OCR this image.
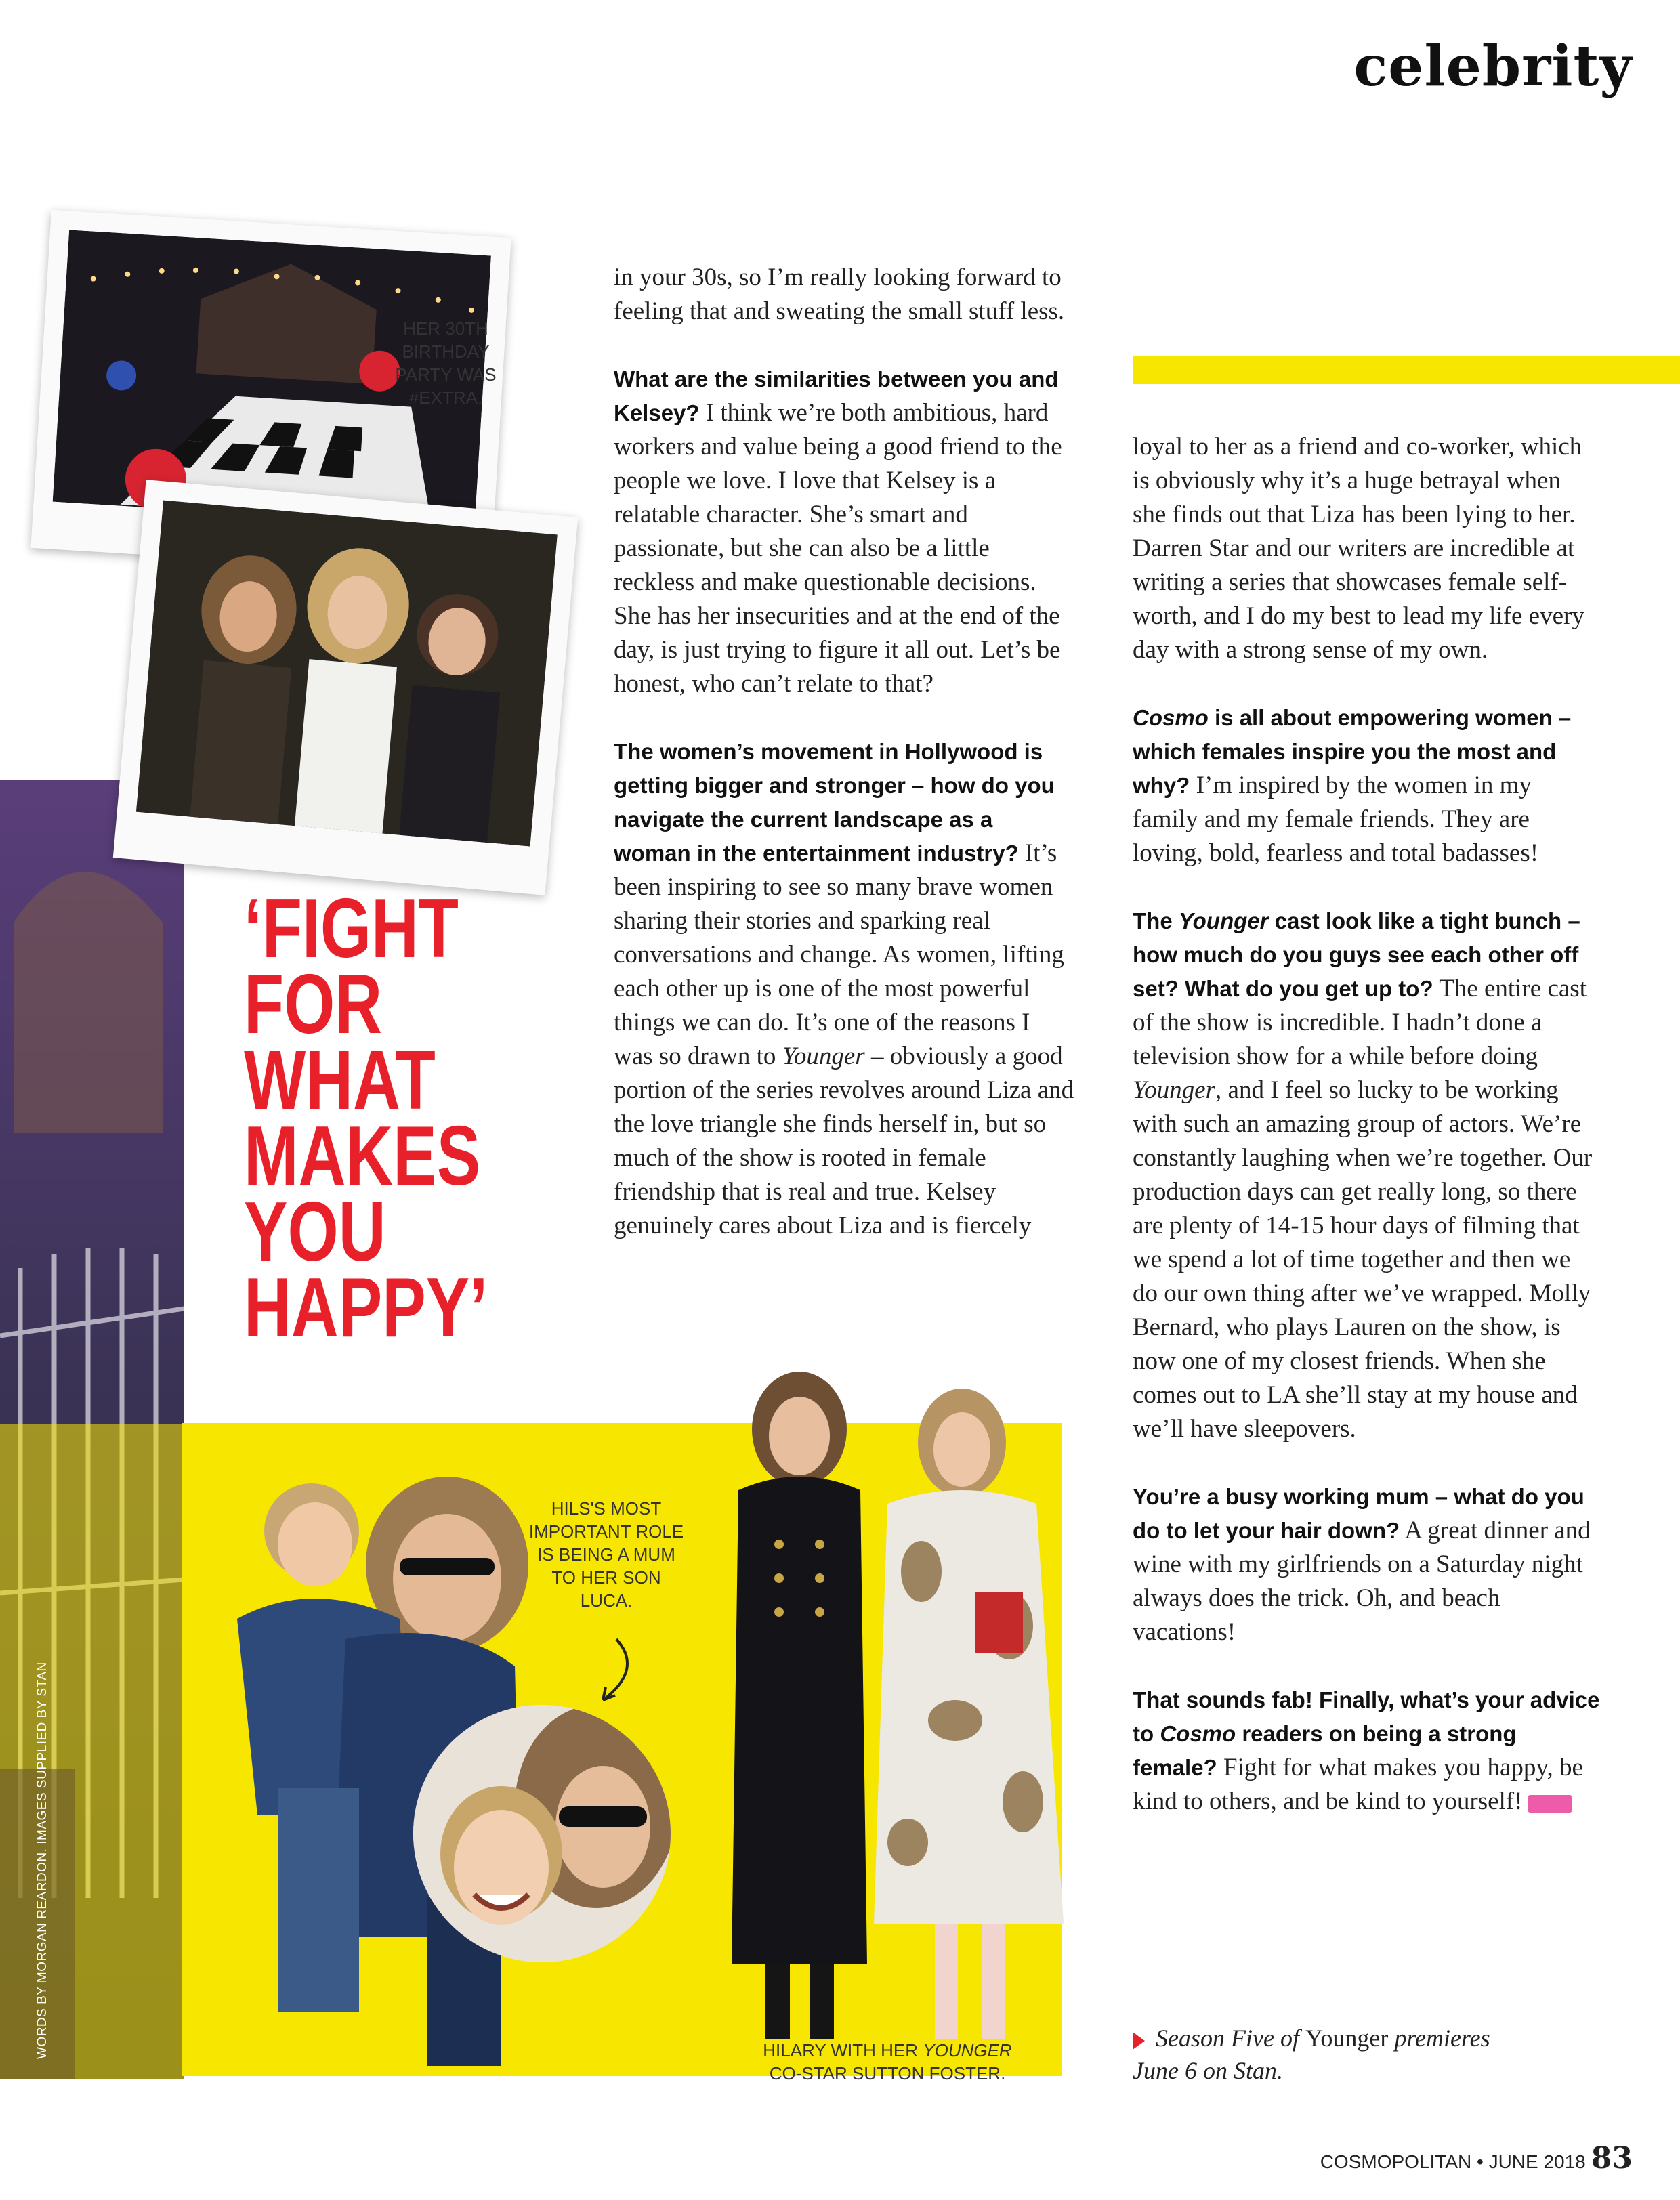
celebrity
WORDS BY MORGAN REARDON. IMAGES SUPPLIED BY STAN
HER 30TH BIRTHDAY PARTY WAS #EXTRA.
‘FIGHT
FOR
WHAT
MAKES
YOU
HAPPY’
HILS'S MOST IMPORTANT ROLE IS BEING A MUM TO HER SON LUCA.
HILARY WITH HER YOUNGER
CO-STAR SUTTON FOSTER.

in your 30s, so I’m really looking forward to feeling that and sweating the small stuff less.

What are the similarities between you and Kelsey? I think we’re both ambitious, hard workers and value being a good friend to the people we love. I love that Kelsey is a relatable character. She’s smart and passionate, but she can also be a little reckless and make questionable decisions. She has her insecurities and at the end of the day, is just trying to figure it all out. Let’s be honest, who can’t relate to that?

The women’s movement in Hollywood is getting bigger and stronger – how do you navigate the current landscape as a woman in the entertainment industry? It’s been inspiring to see so many brave women sharing their stories and sparking real conversations and change. As women, lifting each other up is one of the most powerful things we can do. It’s one of the reasons I was so drawn to Younger – obviously a good portion of the series revolves around Liza and the love triangle she finds herself in, but so much of the show is rooted in female friendship that is real and true. Kelsey genuinely cares about Liza and is fiercely

loyal to her as a friend and co-worker, which is obviously why it’s a huge betrayal when she finds out that Liza has been lying to her. Darren Star and our writers are incredible at writing a series that showcases female self-worth, and I do my best to lead my life every day with a strong sense of my own.

Cosmo is all about empowering women – which females inspire you the most and why? I’m inspired by the women in my family and my female friends. They are loving, bold, fearless and total badasses!

The Younger cast look like a tight bunch – how much do you guys see each other off set? What do you get up to? The entire cast of the show is incredible. I hadn’t done a television show for a while before doing Younger, and I feel so lucky to be working with such an amazing group of actors. We’re constantly laughing when we’re together. Our production days can get really long, so there are plenty of 14-15 hour days of filming that we spend a lot of time together and then we do our own thing after we’ve wrapped. Molly Bernard, who plays Lauren on the show, is now one of my closest friends. When she comes out to LA she’ll stay at my house and we’ll have sleepovers.

You’re a busy working mum – what do you do to let your hair down? A great dinner and wine with my girlfriends on a Saturday night always does the trick. Oh, and beach vacations!

That sounds fab! Finally, what’s your advice to Cosmo readers on being a strong female? Fight for what makes you happy, be kind to others, and be kind to yourself!

Season Five of Younger premieres
June 6 on Stan.
COSMOPOLITAN • JUNE 2018 83
